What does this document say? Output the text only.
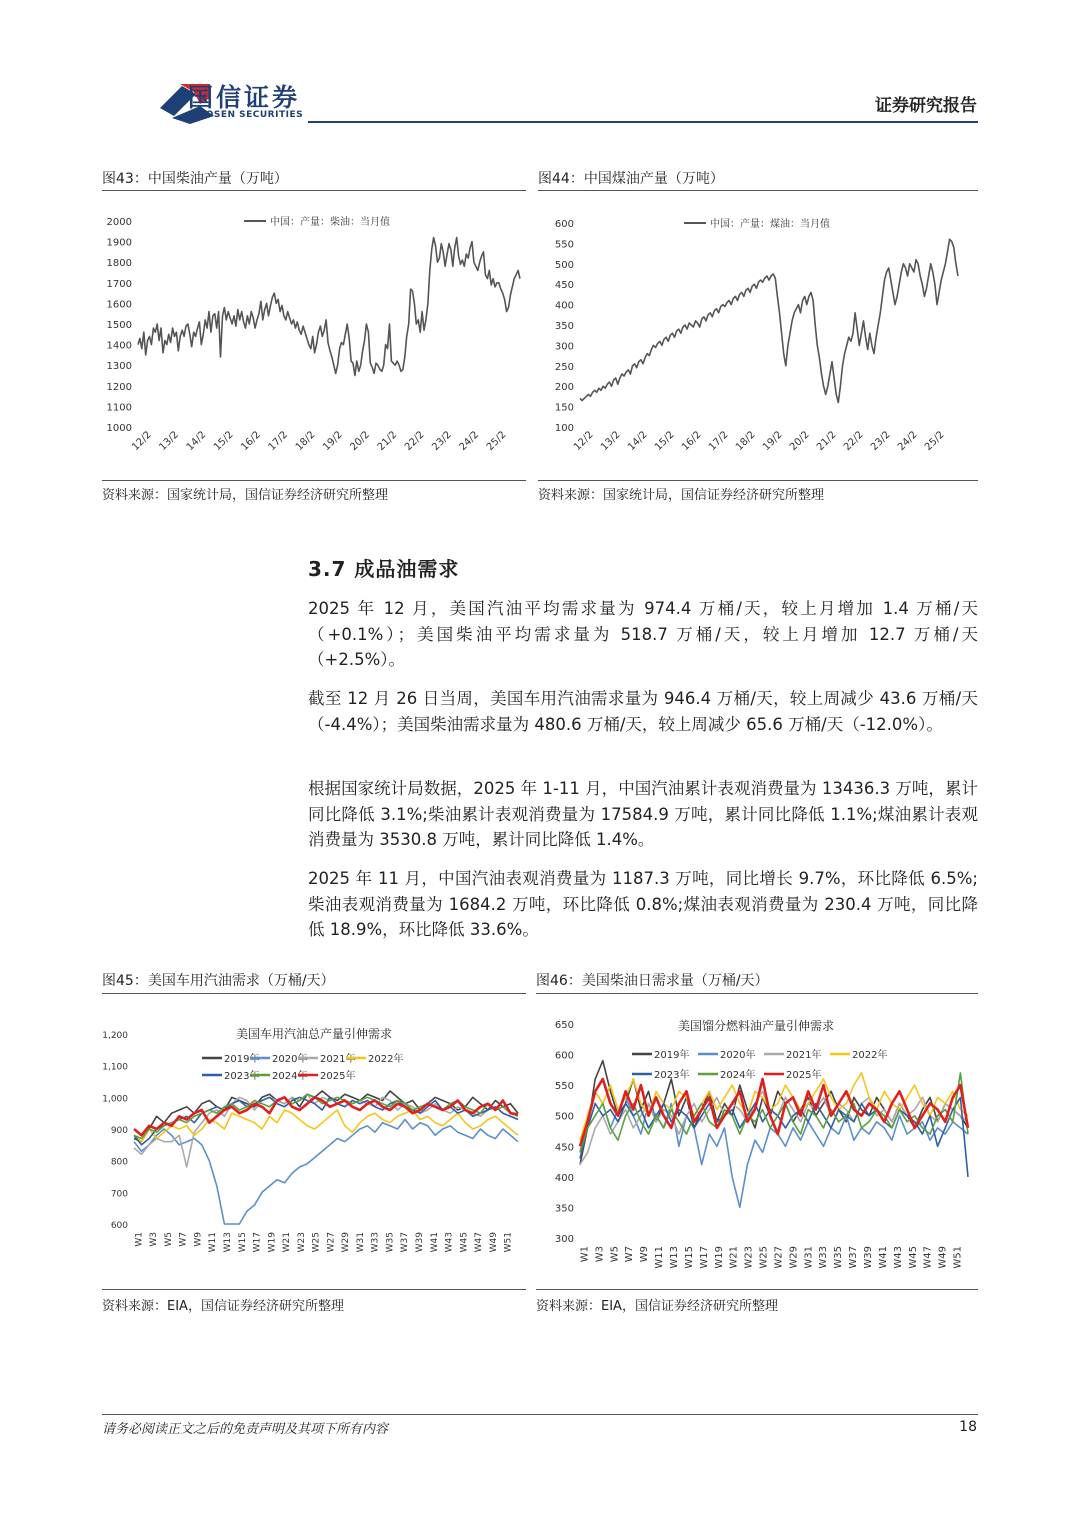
国信证券
GUOSEN SECURITIES	证券研究报告
图43：中国柴油产量（万吨）
1000
1100
1200
1300
1400
1500
1600
1700
1800
1900
2000
12/2 13/2 14/2 15/2 16/2 17/2 18/2 19/2 20/2 21/2 22/2 23/2 24/2 25/2
中国：产量：柴油：当月值
资料来源：国家统计局，国信证券经济研究所整理
图44：中国煤油产量（万吨）
100
150
200
250
300
350
400
450
500
550
600
12/2 13/2 14/2 15/2 16/2 17/2 18/2 19/2 20/2 21/2 22/2 23/2 24/2 25/2
中国：产量：煤油：当月值
资料来源：国家统计局，国信证券经济研究所整理
3.7 成品油需求
2025 年 12 月，美国汽油平均需求量为 974.4 万桶/天，较上月增加 1.4 万桶/天（+0.1%）；美国柴油平均需求量为 518.7 万桶/天，较上月增加 12.7 万桶/天（+2.5%）。
截至 12 月 26 日当周，美国车用汽油需求量为 946.4 万桶/天，较上周减少 43.6 万桶/天（-4.4%）；美国柴油需求量为 480.6 万桶/天，较上周减少 65.6 万桶/天（-12.0%）。
根据国家统计局数据，2025 年 1-11 月，中国汽油累计表观消费量为 13436.3 万吨，累计同比降低 3.1%;柴油累计表观消费量为 17584.9 万吨，累计同比降低 1.1%;煤油累计表观消费量为 3530.8 万吨，累计同比降低 1.4%。
2025 年 11 月，中国汽油表观消费量为 1187.3 万吨，同比增长 9.7%，环比降低 6.5%;柴油表观消费量为 1684.2 万吨，环比降低 0.8%;煤油表观消费量为 230.4 万吨，同比降低 18.9%，环比降低 33.6%。
图45：美国车用汽油需求（万桶/天）
600
700
800
900
1,000
1,100
1,200
W1 W3 W5 W7 W9 W11 W13 W15 W17 W19 W21 W23 W25 W27 W29 W31 W33 W35 W37 W39 W41 W43 W45 W47 W49 W51
美国车用汽油总产量引伸需求
2019年 2020年 2021年 2022年
2023年 2024年 2025年
资料来源：EIA，国信证券经济研究所整理
图46：美国柴油日需求量（万桶/天）
300
350
400
450
500
550
600
650
W1 W3 W5 W7 W9 W11 W13 W15 W17 W19 W21 W23 W25 W27 W29 W31 W33 W35 W37 W39 W41 W43 W45 W47 W49 W51
美国馏分燃料油产量引伸需求
2019年	2020年	2021年	2022年
2023年	2024年	2025年
资料来源：EIA，国信证券经济研究所整理
请务必阅读正文之后的免责声明及其项下所有内容	18
